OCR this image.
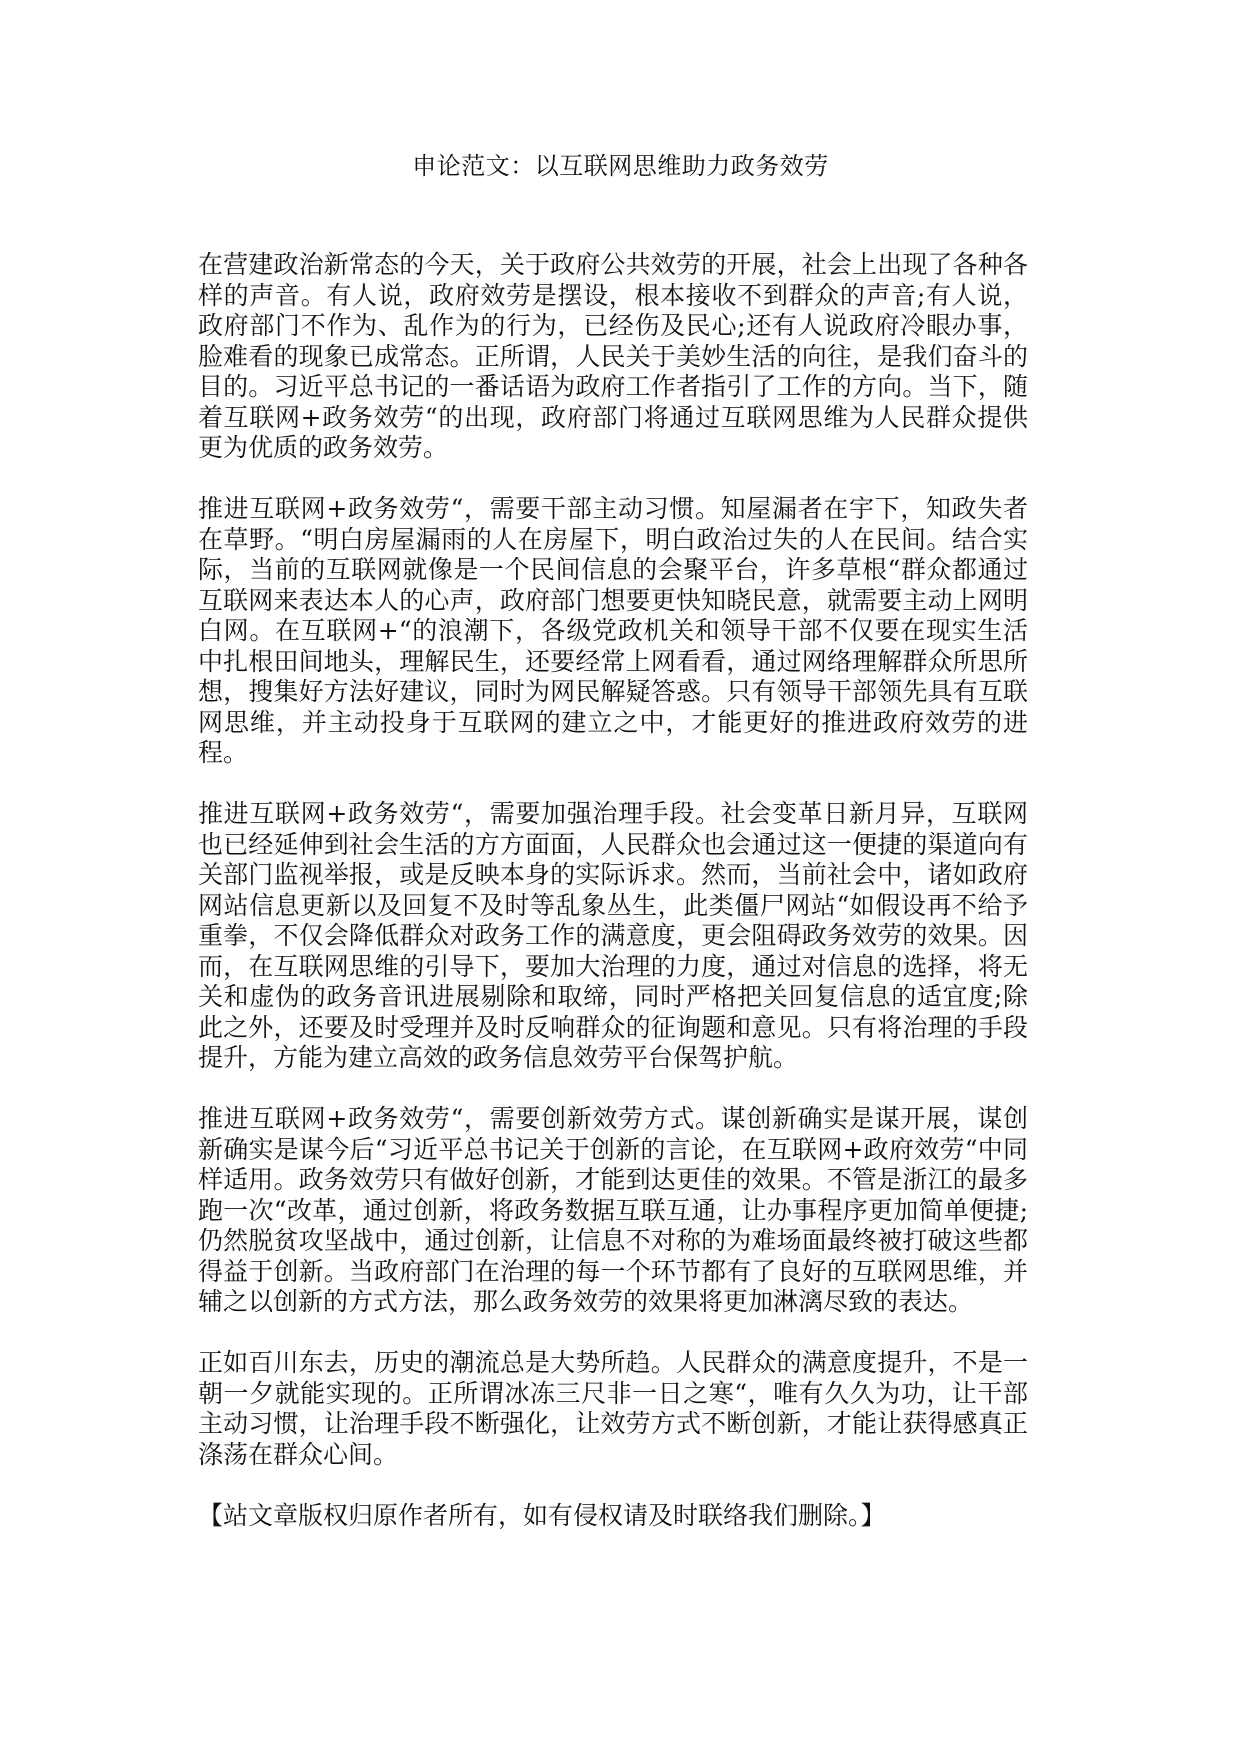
申论范文：以互联网思维助力政务效劳

在营建政治新常态的今天，关于政府公共效劳的开展，社会上出现了各种各样的声音。有人说，政府效劳是摆设，根本接收不到群众的声音;有人说，政府部门不作为、乱作为的行为，已经伤及民心;还有人说政府冷眼办事，脸难看的现象已成常态。正所谓，人民关于美妙生活的向往，是我们奋斗的目的。习近平总书记的一番话语为政府工作者指引了工作的方向。当下，随着互联网+政务效劳“的出现，政府部门将通过互联网思维为人民群众提供更为优质的政务效劳。

推进互联网+政务效劳“，需要干部主动习惯。知屋漏者在宇下，知政失者在草野。“明白房屋漏雨的人在房屋下，明白政治过失的人在民间。结合实际，当前的互联网就像是一个民间信息的会聚平台，许多草根“群众都通过互联网来表达本人的心声，政府部门想要更快知晓民意，就需要主动上网明白网。在互联网+“的浪潮下，各级党政机关和领导干部不仅要在现实生活中扎根田间地头，理解民生，还要经常上网看看，通过网络理解群众所思所想，搜集好方法好建议，同时为网民解疑答惑。只有领导干部领先具有互联网思维，并主动投身于互联网的建立之中，才能更好的推进政府效劳的进程。

推进互联网+政务效劳“，需要加强治理手段。社会变革日新月异，互联网也已经延伸到社会生活的方方面面，人民群众也会通过这一便捷的渠道向有关部门监视举报，或是反映本身的实际诉求。然而，当前社会中，诸如政府网站信息更新以及回复不及时等乱象丛生，此类僵尸网站“如假设再不给予重拳，不仅会降低群众对政务工作的满意度，更会阻碍政务效劳的效果。因而，在互联网思维的引导下，要加大治理的力度，通过对信息的选择，将无关和虚伪的政务音讯进展剔除和取缔，同时严格把关回复信息的适宜度;除此之外，还要及时受理并及时反响群众的征询题和意见。只有将治理的手段提升，方能为建立高效的政务信息效劳平台保驾护航。

推进互联网+政务效劳“，需要创新效劳方式。谋创新确实是谋开展，谋创新确实是谋今后“习近平总书记关于创新的言论，在互联网+政府效劳“中同样适用。政务效劳只有做好创新，才能到达更佳的效果。不管是浙江的最多跑一次“改革，通过创新，将政务数据互联互通，让办事程序更加简单便捷;仍然脱贫攻坚战中，通过创新，让信息不对称的为难场面最终被打破这些都得益于创新。当政府部门在治理的每一个环节都有了良好的互联网思维，并辅之以创新的方式方法，那么政务效劳的效果将更加淋漓尽致的表达。

正如百川东去，历史的潮流总是大势所趋。人民群众的满意度提升，不是一朝一夕就能实现的。正所谓冰冻三尺非一日之寒“，唯有久久为功，让干部主动习惯，让治理手段不断强化，让效劳方式不断创新，才能让获得感真正涤荡在群众心间。

【站文章版权归原作者所有，如有侵权请及时联络我们删除。】
